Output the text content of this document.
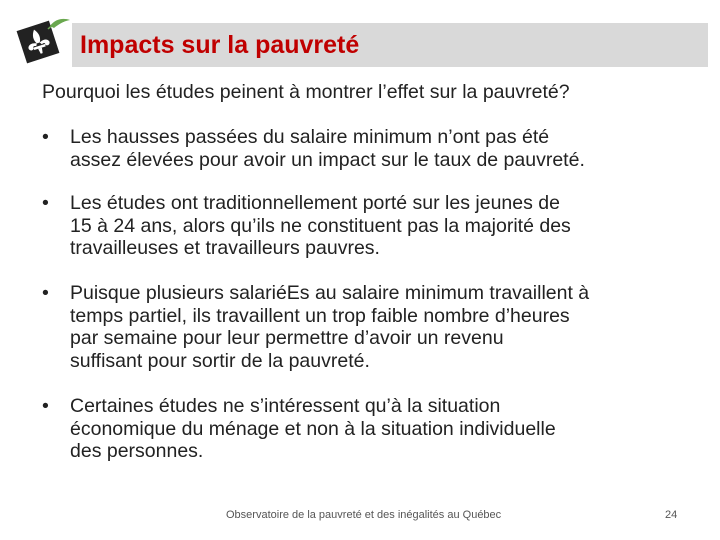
Impacts sur la pauvreté

Pourquoi les études peinent à montrer l’effet sur la pauvreté?

• Les hausses passées du salaire minimum n’ont pas été
assez élevées pour avoir un impact sur le taux de pauvreté.

• Les études ont traditionnellement porté sur les jeunes de
15 à 24 ans, alors qu’ils ne constituent pas la majorité des
travailleuses et travailleurs pauvres.

• Puisque plusieurs salariéEs au salaire minimum travaillent à
temps partiel, ils travaillent un trop faible nombre d’heures
par semaine pour leur permettre d’avoir un revenu
suffisant pour sortir de la pauvreté.

• Certaines études ne s’intéressent qu’à la situation
économique du ménage et non à la situation individuelle
des personnes.

Observatoire de la pauvreté et des inégalités au Québec	24
